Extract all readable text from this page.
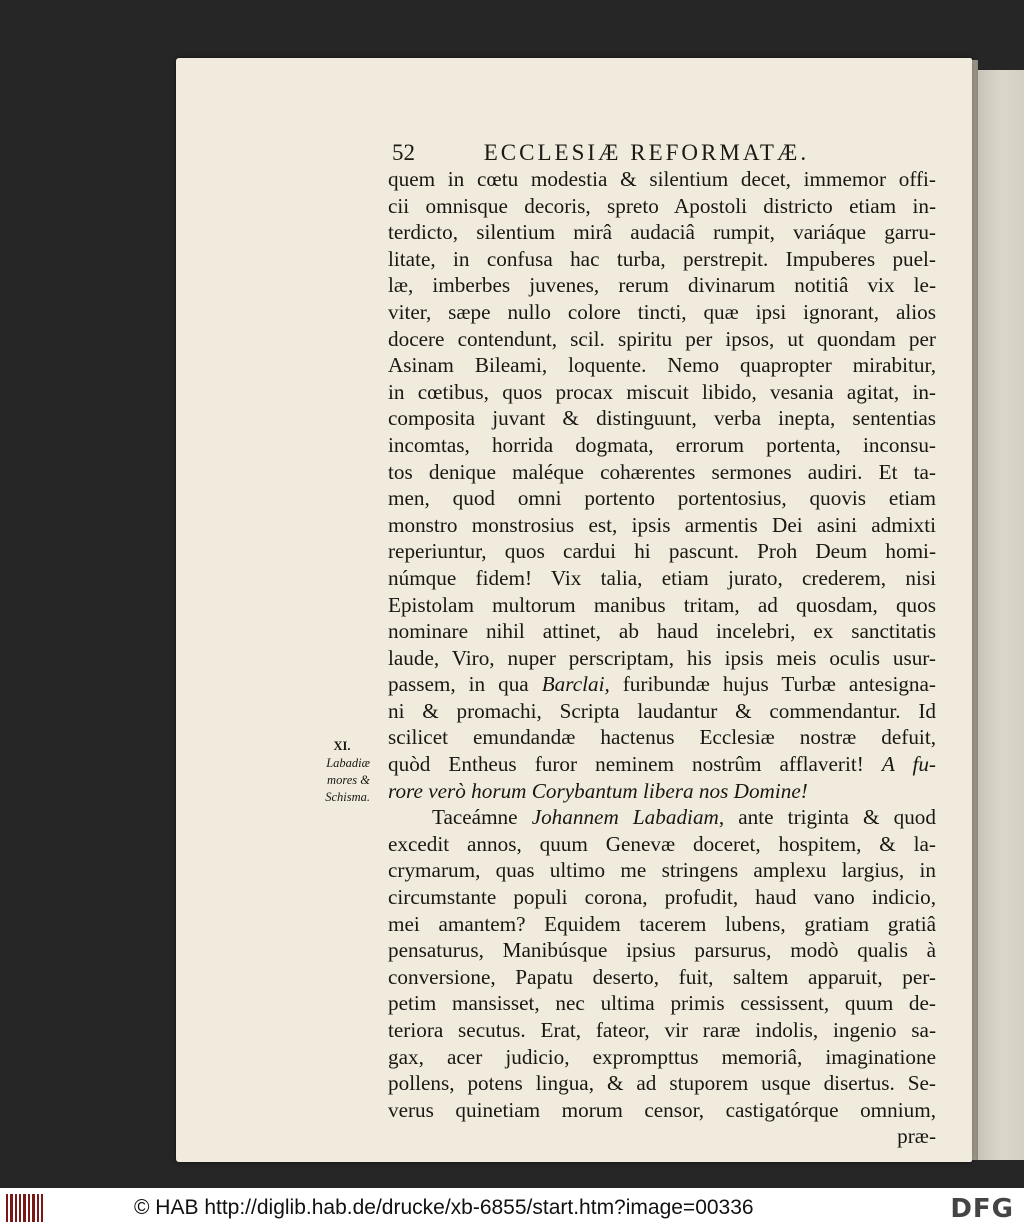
52	ECCLESIÆ REFORMATÆ.
XI.
Labadiæ
mores &
Schisma.
quem in cœtu modestia & silentium decet, immemor offi-
cii omnisque decoris, spreto Apostoli districto etiam in-
terdicto, silentium mirâ audaciâ rumpit, variáque garru-
litate, in confusa hac turba, perstrepit. Impuberes puel-
læ, imberbes juvenes, rerum divinarum notitiâ vix le-
viter, sæpe nullo colore tincti, quæ ipsi ignorant, alios
docere contendunt, scil. spiritu per ipsos, ut quondam per
Asinam Bileami, loquente. Nemo quapropter mirabitur,
in cœtibus, quos procax miscuit libido, vesania agitat, in-
composita juvant & distinguunt, verba inepta, sententias
incomtas, horrida dogmata, errorum portenta, inconsu-
tos denique maléque cohærentes sermones audiri. Et ta-
men, quod omni portento portentosius, quovis etiam
monstro monstrosius est, ipsis armentis Dei asini admixti
reperiuntur, quos cardui hi pascunt. Proh Deum homi-
númque fidem! Vix talia, etiam jurato, crederem, nisi
Epistolam multorum manibus tritam, ad quosdam, quos
nominare nihil attinet, ab haud incelebri, ex sanctitatis
laude, Viro, nuper perscriptam, his ipsis meis oculis usur-
passem, in qua Barclai, furibundæ hujus Turbæ antesigna-
ni & promachi, Scripta laudantur & commendantur. Id
scilicet emundandæ hactenus Ecclesiæ nostræ defuit,
quòd Entheus furor neminem nostrûm afflaverit! A fu-
rore verò horum Corybantum libera nos Domine!
Taceámne Johannem Labadiam, ante triginta & quod
excedit annos, quum Genevæ doceret, hospitem, & la-
crymarum, quas ultimo me stringens amplexu largius, in
circumstante populi corona, profudit, haud vano indicio,
mei amantem? Equidem tacerem lubens, gratiam gratiâ
pensaturus, Manibúsque ipsius parsurus, modò qualis à
conversione, Papatu deserto, fuit, saltem apparuit, per-
petim mansisset, nec ultima primis cessissent, quum de-
teriora secutus. Erat, fateor, vir raræ indolis, ingenio sa-
gax, acer judicio, exprompttus memoriâ, imaginatione
pollens, potens lingua, & ad stuporem usque disertus. Se-
verus quinetiam morum censor, castigatórque omnium,
præ-
© HAB http://diglib.hab.de/drucke/xb-6855/start.htm?image=00336	DFG
